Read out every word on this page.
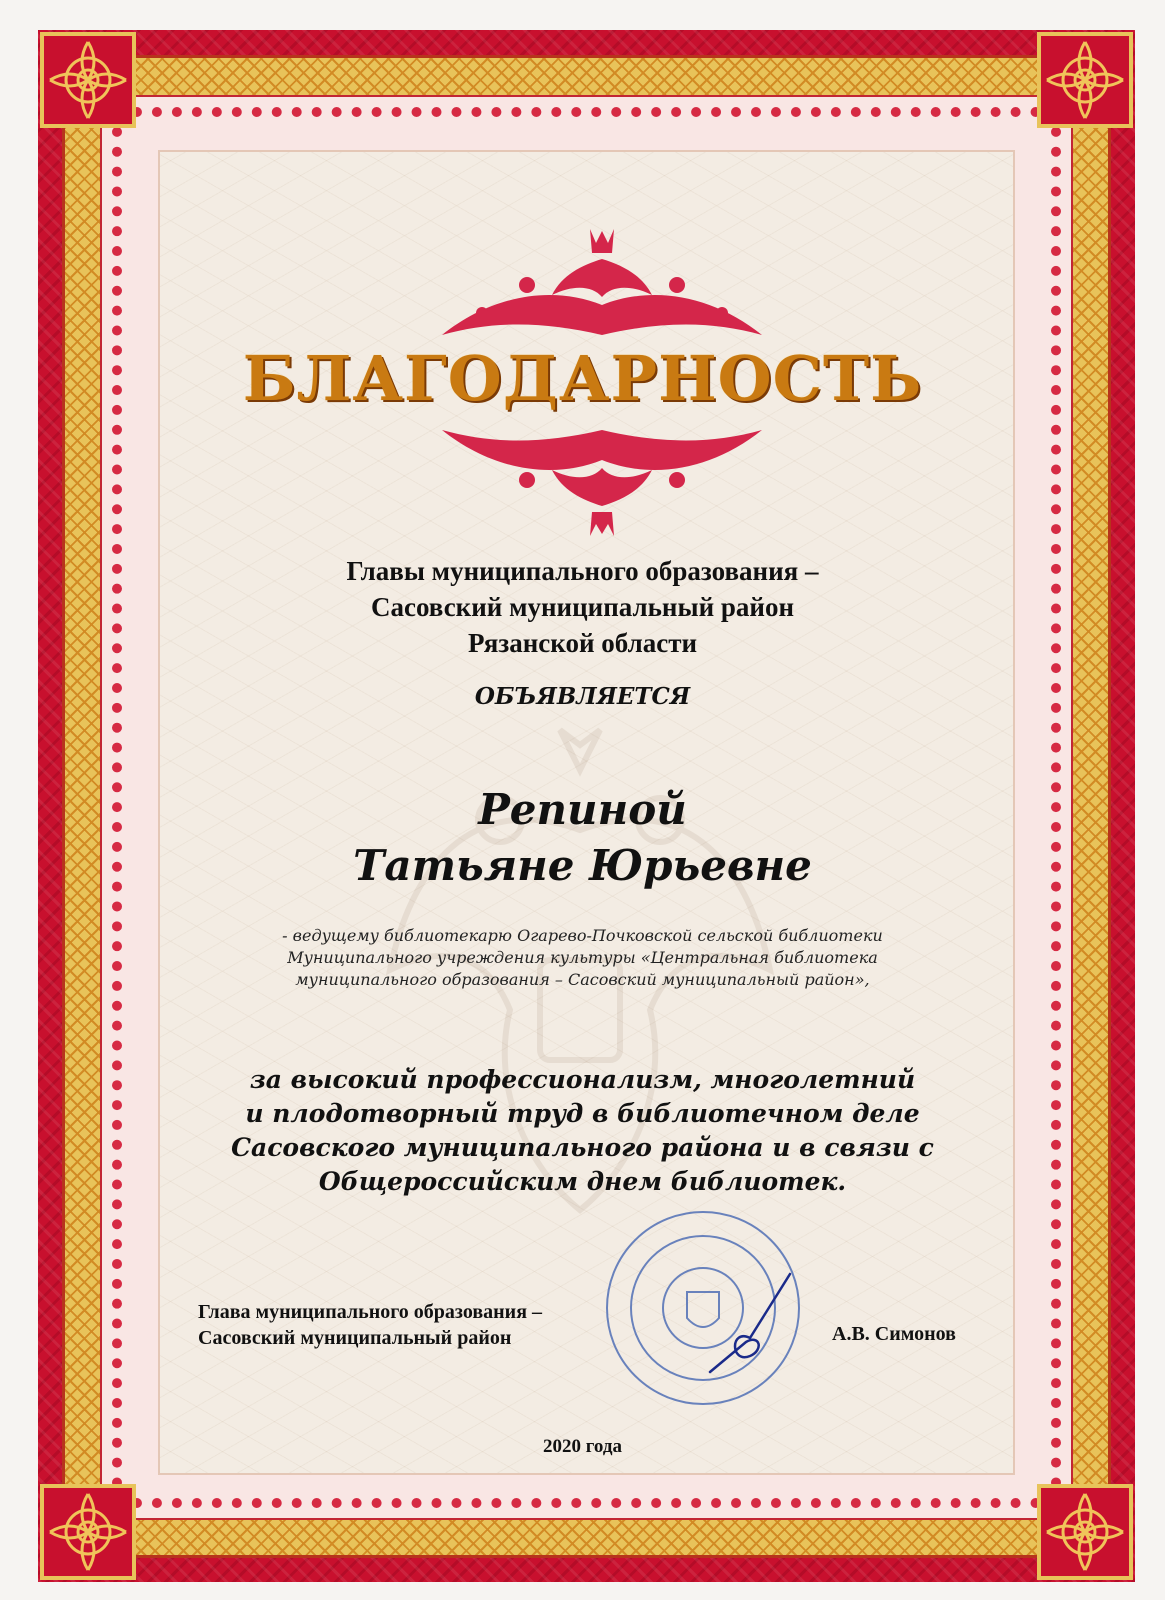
БЛАГОДАРНОСТЬ
Главы муниципального образования –
Сасовский муниципальный район
Рязанской области
ОБЪЯВЛЯЕТСЯ
Репиной
Татьяне Юрьевне
- ведущему библиотекарю Огарево-Почковской сельской библиотеки
Муниципального учреждения культуры «Центральная библиотека
муниципального образования – Сасовский муниципальный район»,
за высокий профессионализм, многолетний
и плодотворный труд в библиотечном деле
Сасовского муниципального района и в связи с
Общероссийским днем библиотек.
Глава муниципального образования –
Сасовский муниципальный район	А.В. Симонов
2020 года
